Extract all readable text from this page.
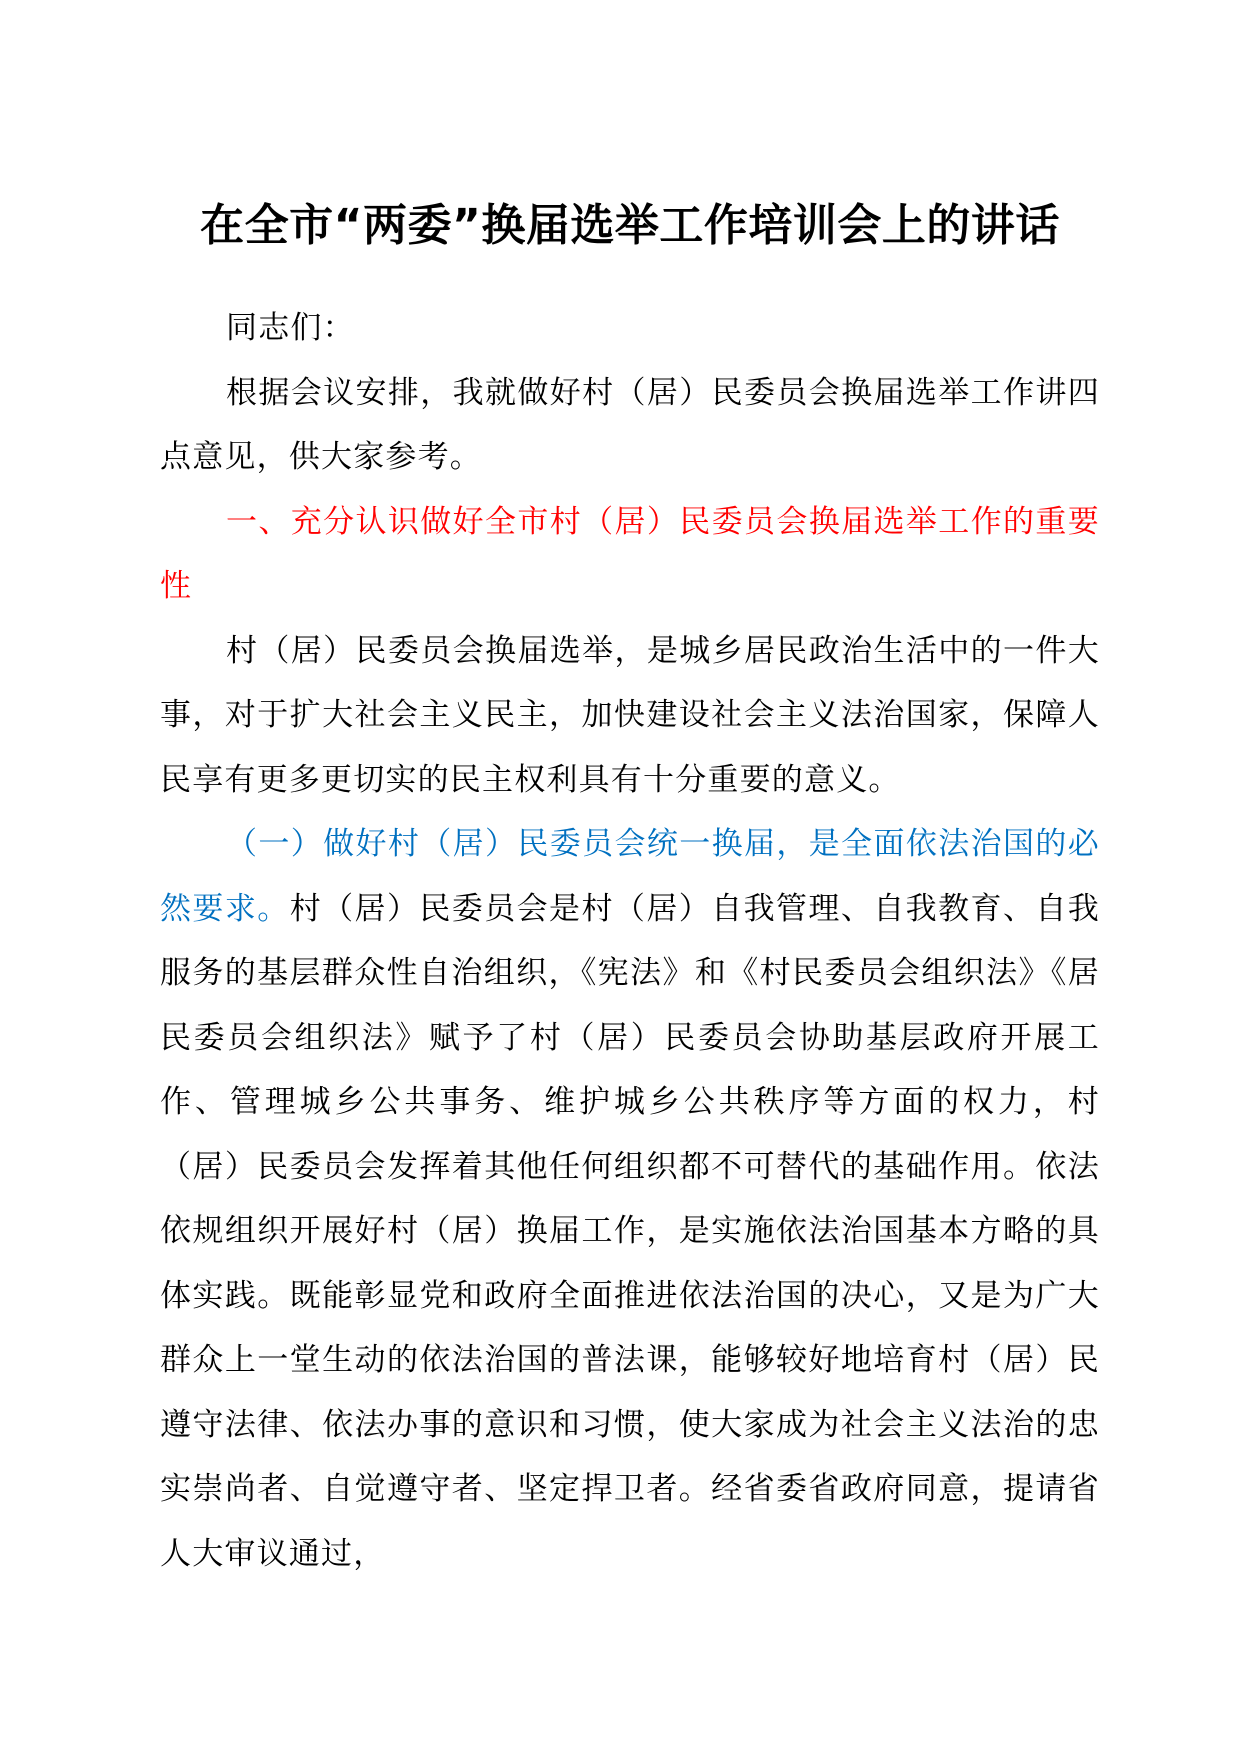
在全市“两委”换届选举工作培训会上的讲话

同志们：

根据会议安排，我就做好村（居）民委员会换届选举工作讲四点意见，供大家参考。

一、充分认识做好全市村（居）民委员会换届选举工作的重要性

村（居）民委员会换届选举，是城乡居民政治生活中的一件大事，对于扩大社会主义民主，加快建设社会主义法治国家，保障人民享有更多更切实的民主权利具有十分重要的意义。

（一）做好村（居）民委员会统一换届，是全面依法治国的必然要求。村（居）民委员会是村（居）自我管理、自我教育、自我服务的基层群众性自治组织，《宪法》和《村民委员会组织法》《居民委员会组织法》赋予了村（居）民委员会协助基层政府开展工作、管理城乡公共事务、维护城乡公共秩序等方面的权力，村（居）民委员会发挥着其他任何组织都不可替代的基础作用。依法依规组织开展好村（居）换届工作，是实施依法治国基本方略的具体实践。既能彰显党和政府全面推进依法治国的决心，又是为广大群众上一堂生动的依法治国的普法课，能够较好地培育村（居）民遵守法律、依法办事的意识和习惯，使大家成为社会主义法治的忠实崇尚者、自觉遵守者、坚定捍卫者。经省委省政府同意，提请省人大审议通过，
